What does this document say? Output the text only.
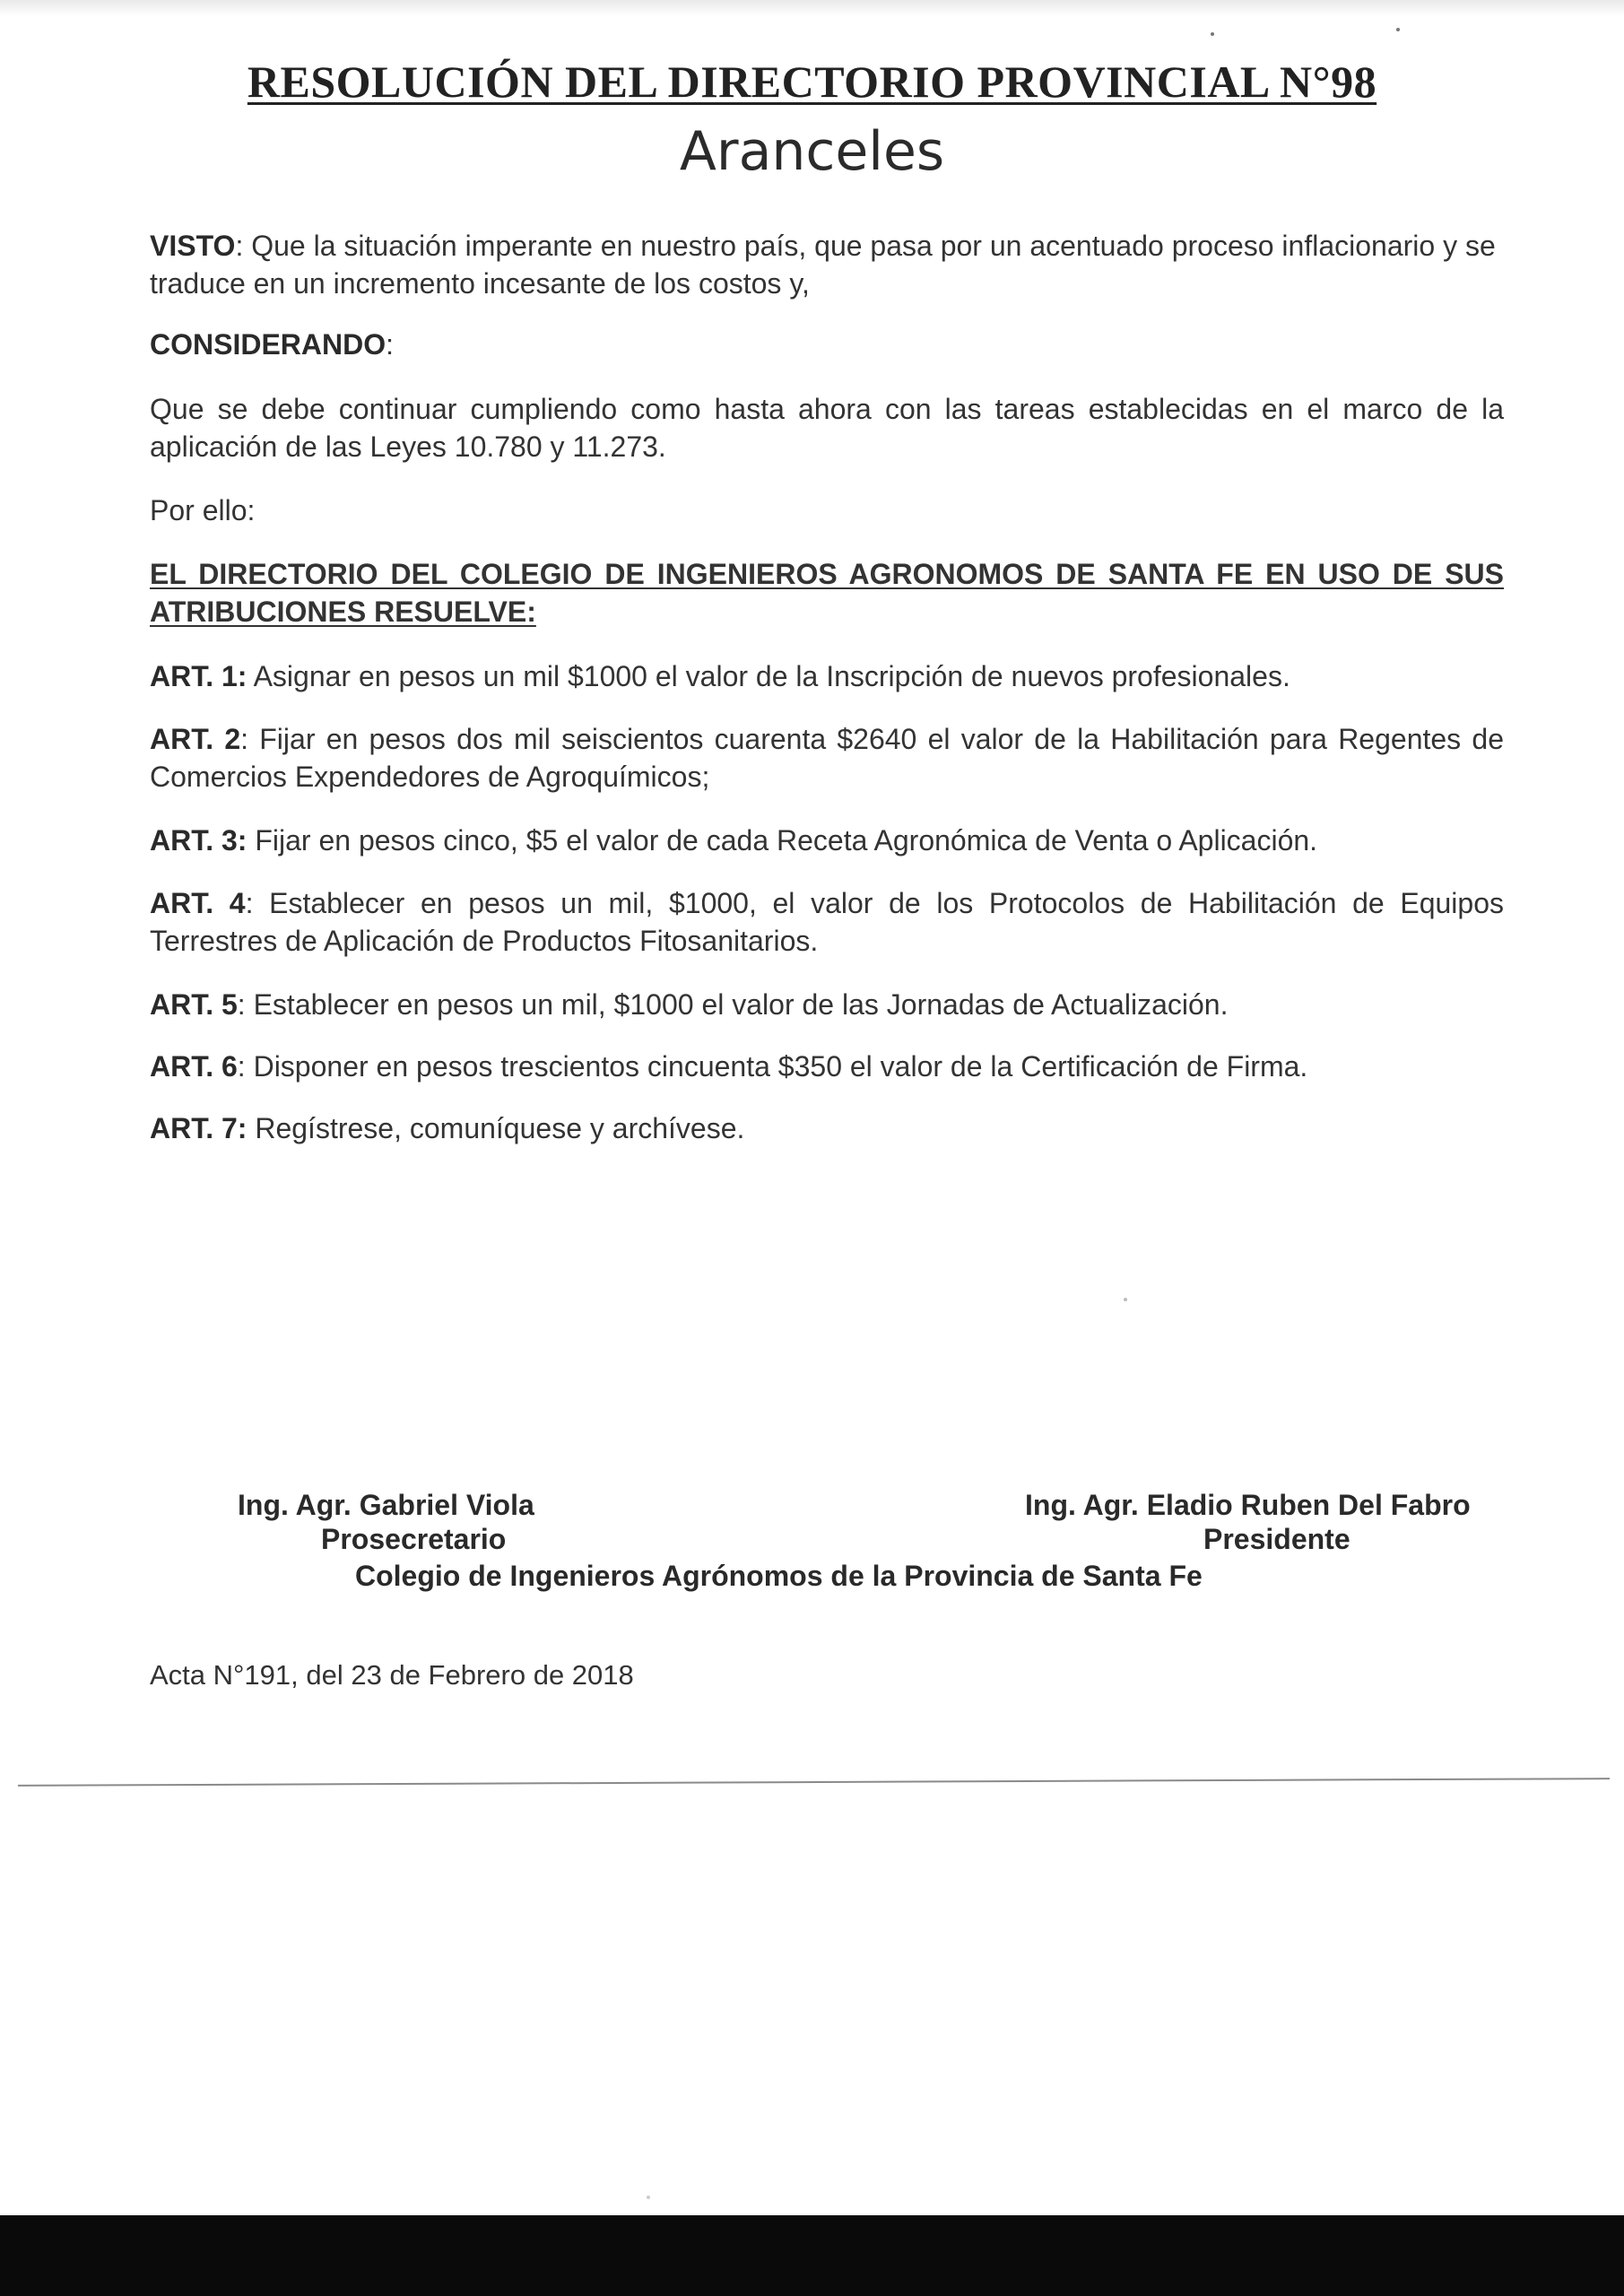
RESOLUCIÓN DEL DIRECTORIO PROVINCIAL N°98
Aranceles

VISTO: Que la situación imperante en nuestro país, que pasa por un acentuado proceso inflacionario y se traduce en un incremento incesante de los costos y,

CONSIDERANDO:

Que se debe continuar cumpliendo como hasta ahora con las tareas establecidas en el marco de la aplicación de las Leyes 10.780 y 11.273.

Por ello:

EL DIRECTORIO DEL COLEGIO DE INGENIEROS AGRONOMOS DE SANTA FE EN USO DE SUS ATRIBUCIONES RESUELVE:

ART. 1: Asignar en pesos un mil $1000 el valor de la Inscripción de nuevos profesionales.

ART. 2: Fijar en pesos dos mil seiscientos cuarenta $2640 el valor de la Habilitación para Regentes de Comercios Expendedores de Agroquímicos;

ART. 3: Fijar en pesos cinco, $5 el valor de cada Receta Agronómica de Venta o Aplicación.

ART. 4: Establecer en pesos un mil, $1000, el valor de los Protocolos de Habilitación de Equipos Terrestres de Aplicación de Productos Fitosanitarios.

ART. 5: Establecer en pesos un mil, $1000 el valor de las Jornadas de Actualización.

ART. 6: Disponer en pesos trescientos cincuenta $350 el valor de la Certificación de Firma.

ART. 7: Regístrese, comuníquese y archívese.

Ing. Agr. Gabriel Viola

Prosecretario

Ing. Agr. Eladio Ruben Del Fabro

Presidente

Colegio de Ingenieros Agrónomos de la Provincia de Santa Fe

Acta N°191, del 23 de Febrero de 2018
